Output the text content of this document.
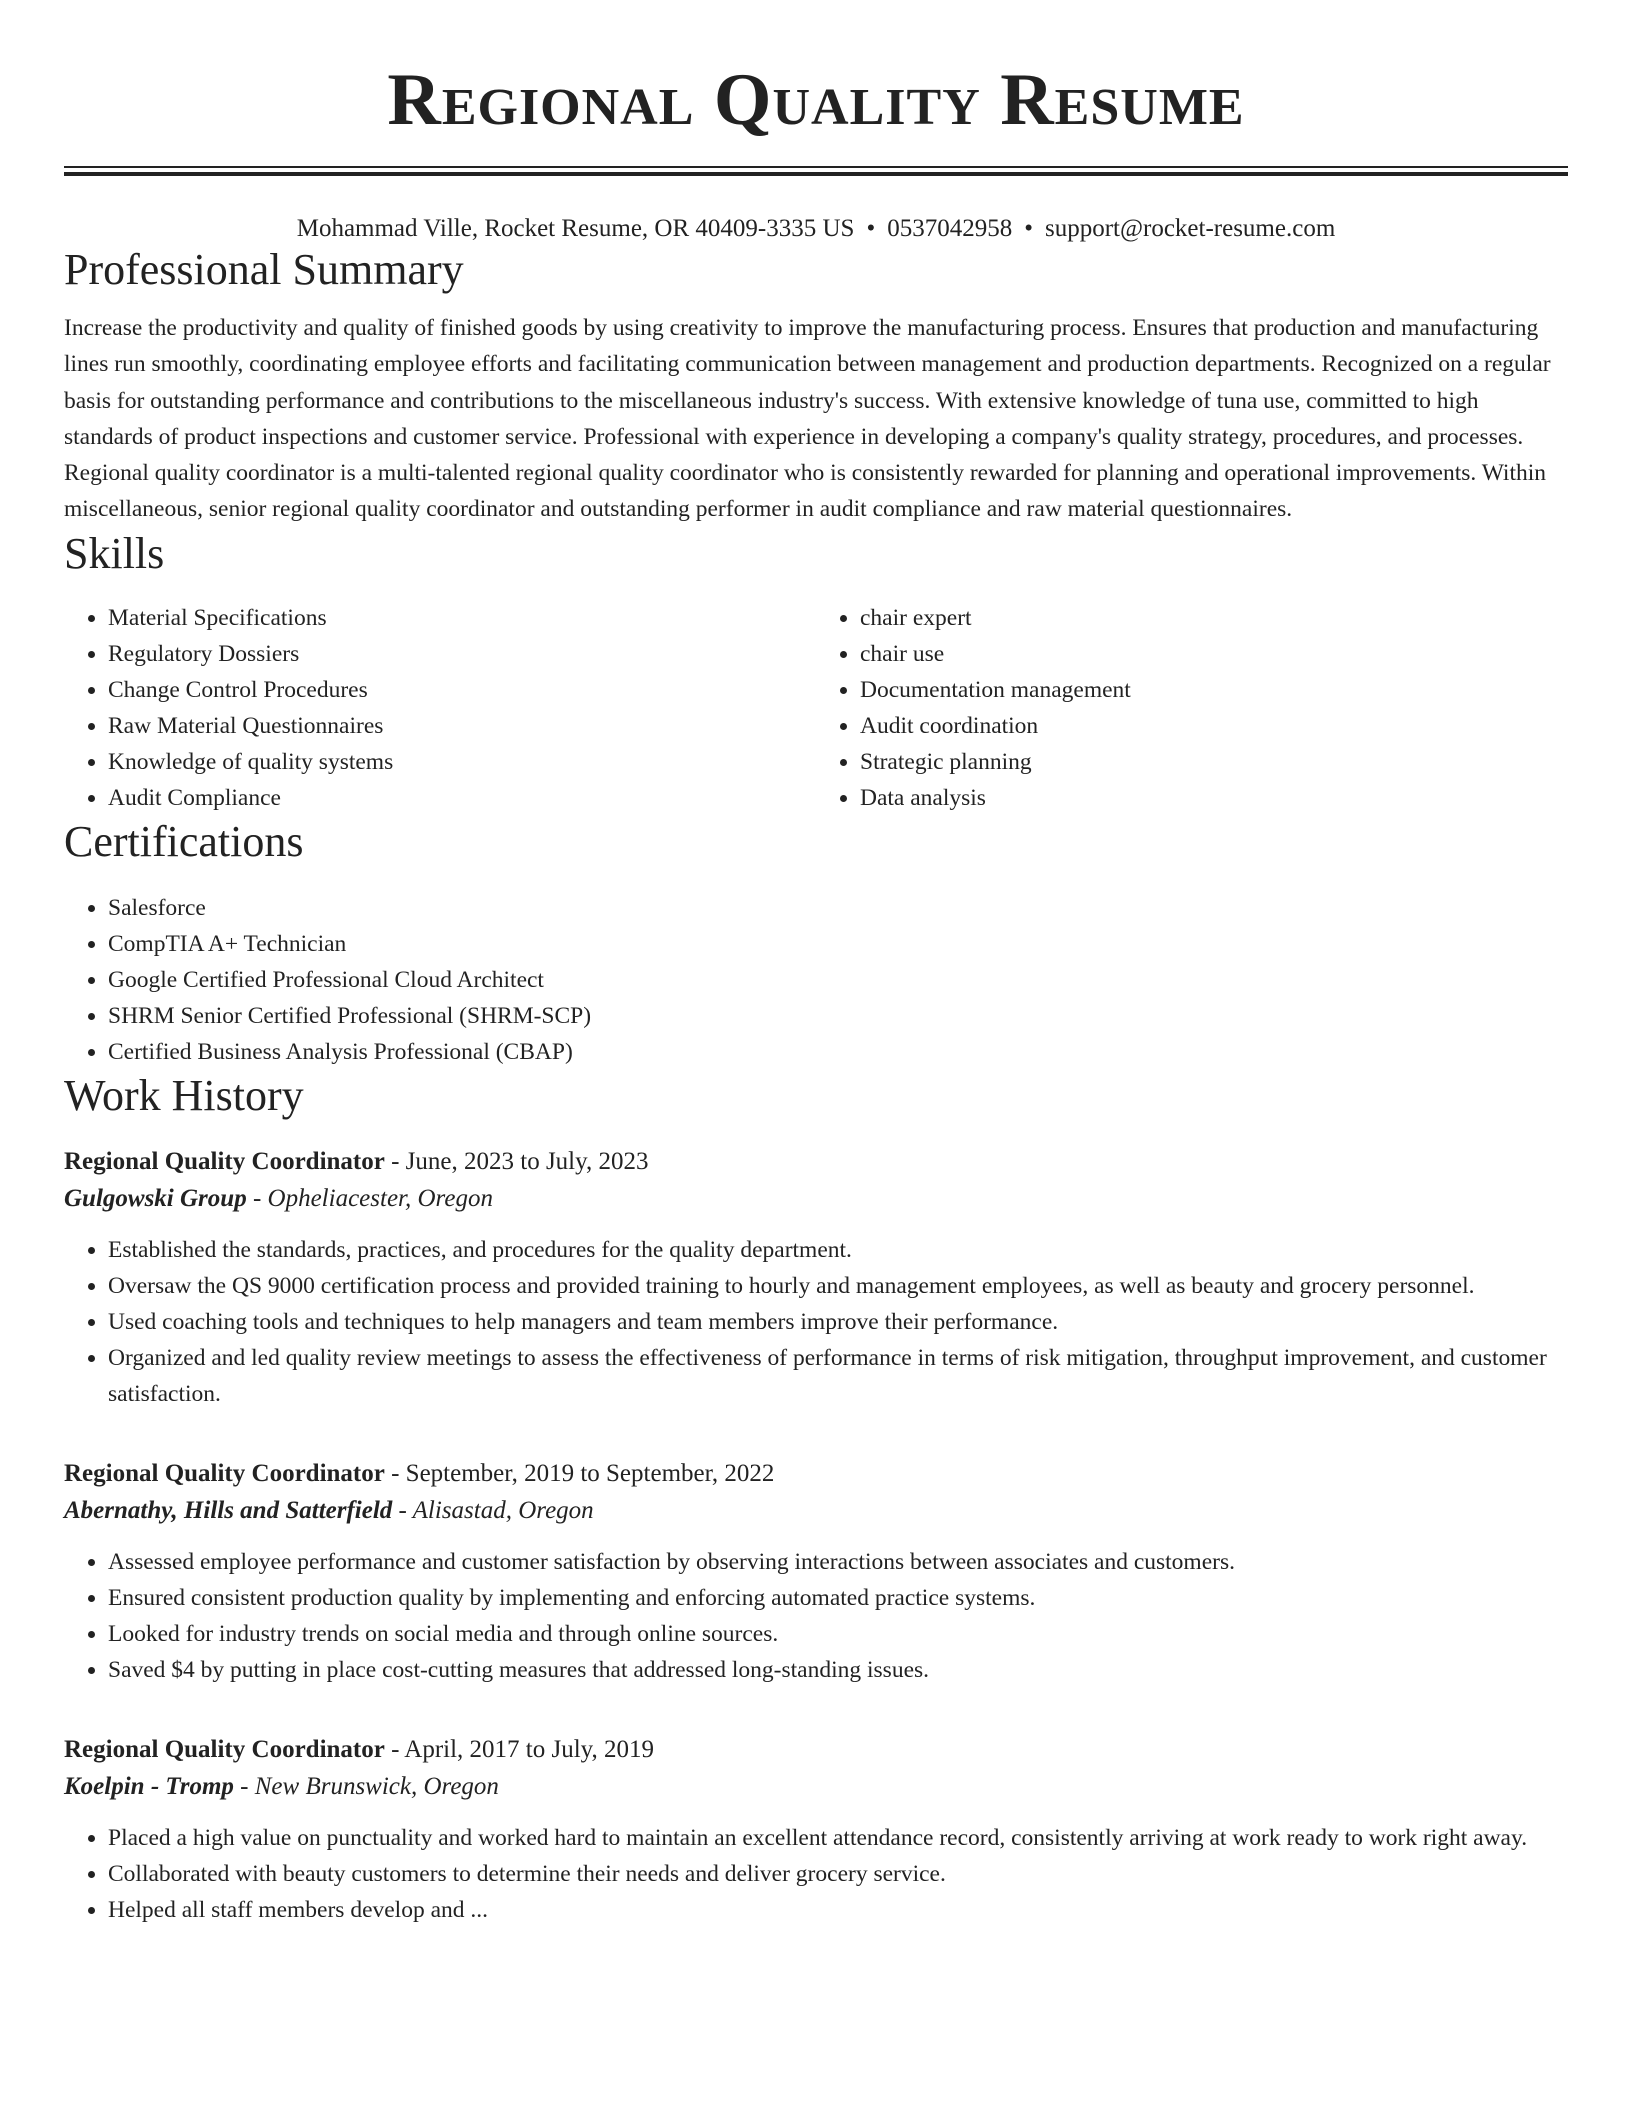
Regional Quality Resume
Mohammad Ville, Rocket Resume, OR 40409-3335 US • 0537042958 • support@rocket-resume.com
Professional Summary

Increase the productivity and quality of finished goods by using creativity to improve the manufacturing process. Ensures that production and manufacturing lines run smoothly, coordinating employee efforts and facilitating communication between management and production departments. Recognized on a regular basis for outstanding performance and contributions to the miscellaneous industry's success. With extensive knowledge of tuna use, committed to high standards of product inspections and customer service. Professional with experience in developing a company's quality strategy, procedures, and processes. Regional quality coordinator is a multi-talented regional quality coordinator who is consistently rewarded for planning and operational improvements. Within miscellaneous, senior regional quality coordinator and outstanding performer in audit compliance and raw material questionnaires.

Skills
• Material Specifications
• Regulatory Dossiers
• Change Control Procedures
• Raw Material Questionnaires
• Knowledge of quality systems
• Audit Compliance
• chair expert
• chair use
• Documentation management
• Audit coordination
• Strategic planning
• Data analysis
Certifications
• Salesforce
• CompTIA A+ Technician
• Google Certified Professional Cloud Architect
• SHRM Senior Certified Professional (SHRM-SCP)
• Certified Business Analysis Professional (CBAP)
Work History
Regional Quality Coordinator - June, 2023 to July, 2023
Gulgowski Group - Opheliacester, Oregon
• Established the standards, practices, and procedures for the quality department.
• Oversaw the QS 9000 certification process and provided training to hourly and management employees, as well as beauty and grocery personnel.
• Used coaching tools and techniques to help managers and team members improve their performance.
• Organized and led quality review meetings to assess the effectiveness of performance in terms of risk mitigation, throughput improvement, and customer satisfaction.
Regional Quality Coordinator - September, 2019 to September, 2022
Abernathy, Hills and Satterfield - Alisastad, Oregon
• Assessed employee performance and customer satisfaction by observing interactions between associates and customers.
• Ensured consistent production quality by implementing and enforcing automated practice systems.
• Looked for industry trends on social media and through online sources.
• Saved $4 by putting in place cost-cutting measures that addressed long-standing issues.
Regional Quality Coordinator - April, 2017 to July, 2019
Koelpin - Tromp - New Brunswick, Oregon
• Placed a high value on punctuality and worked hard to maintain an excellent attendance record, consistently arriving at work ready to work right away.
• Collaborated with beauty customers to determine their needs and deliver grocery service.
• Helped all staff members develop and ...
